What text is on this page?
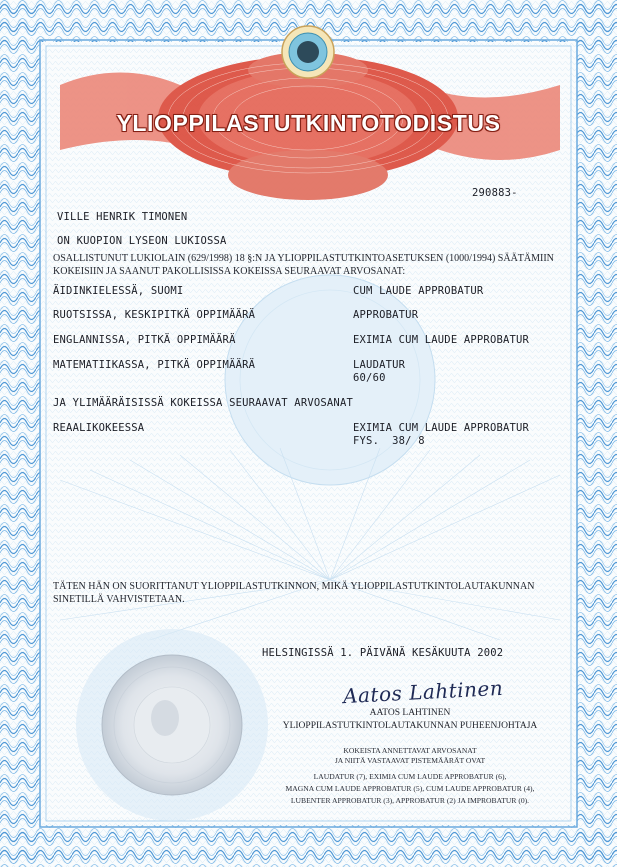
YLIOPPILASTUTKINTOTODISTUS
290883-
VILLE HENRIK TIMONEN
ON KUOPION LYSEON LUKIOSSA
OSALLISTUNUT LUKIOLAIN (629/1998) 18 §:N JA YLIOPPILASTUTKINTOASETUKSEN (1000/1994) SÄÄTÄMIIN
KOKEISIIN JA SAANUT PAKOLLISISSA KOKEISSA SEURAAVAT ARVOSANAT:
ÄIDINKIELESSÄ, SUOMI	CUM LAUDE APPROBATUR
RUOTSISSA, KESKIPITKÄ OPPIMÄÄRÄ	APPROBATUR
ENGLANNISSA, PITKÄ OPPIMÄÄRÄ	EXIMIA CUM LAUDE APPROBATUR
MATEMATIIKASSA, PITKÄ OPPIMÄÄRÄ	LAUDATUR
60/60
JA YLIMÄÄRÄISISSÄ KOKEISSA SEURAAVAT ARVOSANAT
REAALIKOKEESSA	EXIMIA CUM LAUDE APPROBATUR
FYS.  38/ 8
TÄTEN HÄN ON SUORITTANUT YLIOPPILASTUTKINNON, MIKÄ YLIOPPILASTUTKINTOLAUTAKUNNAN
SINETILLÄ VAHVISTETAAN.
HELSINGISSÄ 1. PÄIVÄNÄ KESÄKUUTA 2002
Aatos Lahtinen
AATOS LAHTINEN
YLIOPPILASTUTKINTOLAUTAKUNNAN PUHEENJOHTAJA
KOKEISTA ANNETTAVAT ARVOSANAT
JA NIITÄ VASTAAVAT PISTEMÄÄRÄT OVAT
LAUDATUR (7), EXIMIA CUM LAUDE APPROBATUR (6),
MAGNA CUM LAUDE APPROBATUR (5), CUM LAUDE APPROBATUR (4),
LUBENTER APPROBATUR (3), APPROBATUR (2) JA IMPROBATUR (0).
